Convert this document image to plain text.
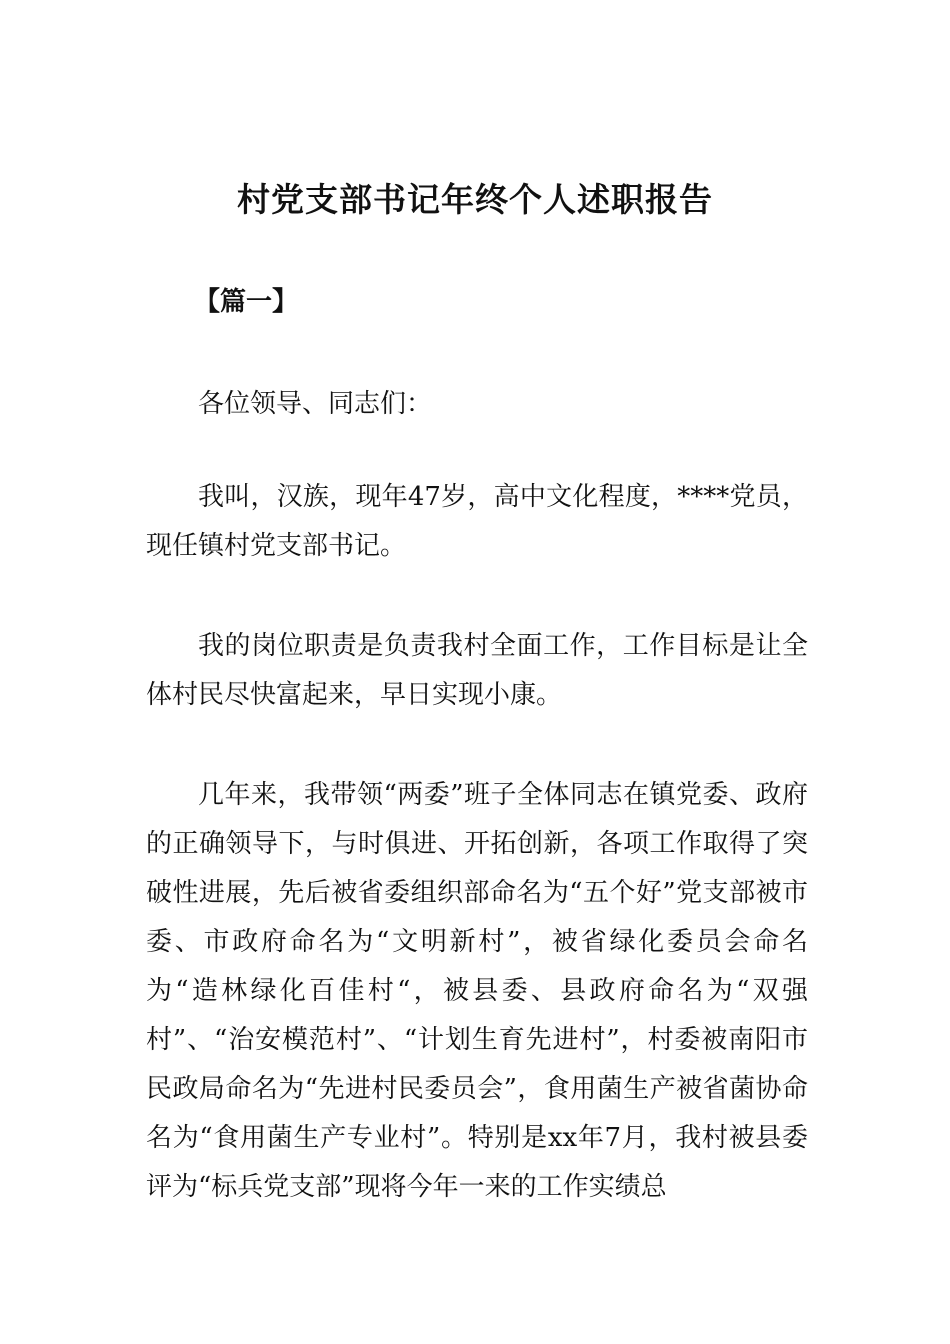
村党支部书记年终个人述职报告
【篇一】

各位领导、同志们：

我叫，汉族，现年47岁，高中文化程度，****党员，现任镇村党支部书记。

我的岗位职责是负责我村全面工作，工作目标是让全体村民尽快富起来，早日实现小康。

几年来，我带领“两委”班子全体同志在镇党委、政府的正确领导下，与时俱进、开拓创新，各项工作取得了突破性进展，先后被省委组织部命名为“五个好”党支部被市委、市政府命名为“文明新村”，被省绿化委员会命名为“造林绿化百佳村“，被县委、县政府命名为“双强村”、“治安模范村”、“计划生育先进村”，村委被南阳市民政局命名为“先进村民委员会”，食用菌生产被省菌协命名为“食用菌生产专业村”。特别是xx年7月，我村被县委评为“标兵党支部”现将今年一来的工作实绩总
